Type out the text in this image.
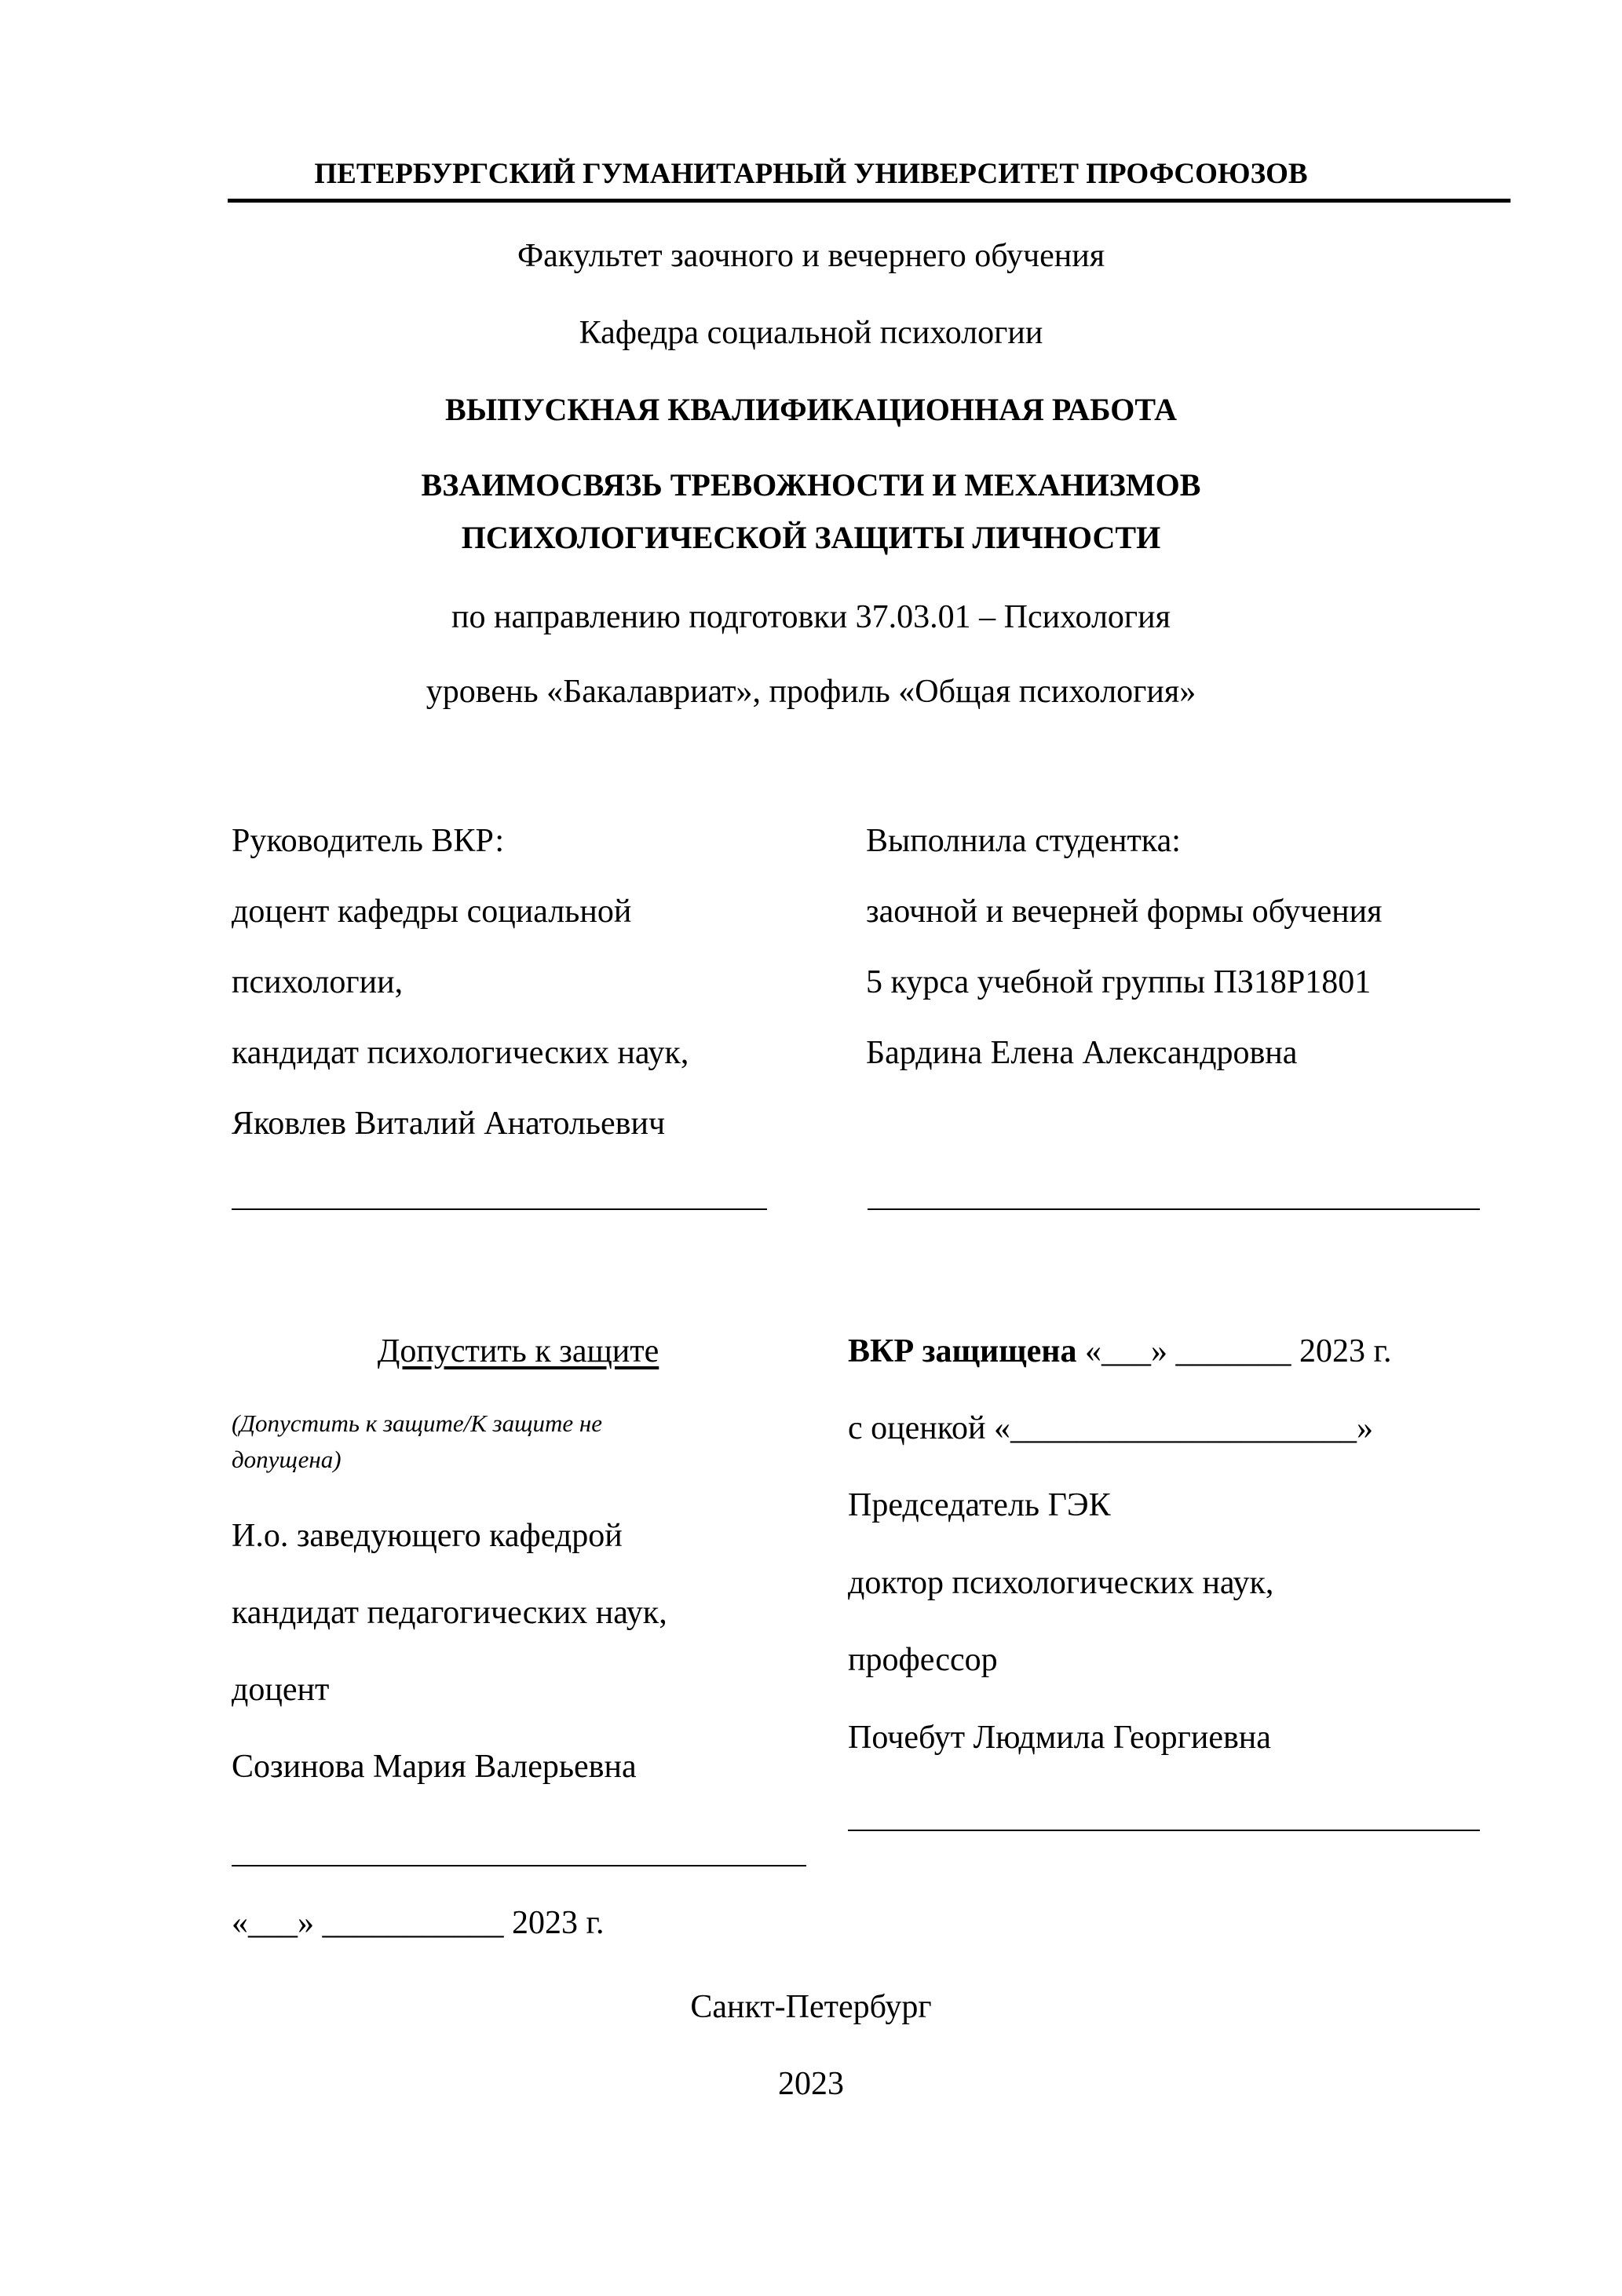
ПЕТЕРБУРГСКИЙ ГУМАНИТАРНЫЙ УНИВЕРСИТЕТ ПРОФСОЮЗОВ
Факультет заочного и вечернего обучения
Кафедра социальной психологии
ВЫПУСКНАЯ КВАЛИФИКАЦИОННАЯ РАБОТА
ВЗАИМОСВЯЗЬ ТРЕВОЖНОСТИ И МЕХАНИЗМОВ
ПСИХОЛОГИЧЕСКОЙ ЗАЩИТЫ ЛИЧНОСТИ
по направлению подготовки 37.03.01 – Психология
уровень «Бакалавриат», профиль «Общая психология»
Руководитель ВКР:
доцент кафедры социальной
психологии,
кандидат психологических наук,
Яковлев Виталий Анатольевич
Выполнила студентка:
заочной и вечерней формы обучения
5 курса учебной группы ПЗ18Р1801
Бардина Елена Александровна
Допустить к защите
(Допустить к защите/К защите не
допущена)
И.о. заведующего кафедрой
кандидат педагогических наук,
доцент
Созинова Мария Валерьевна
«___» ___________ 2023 г.
ВКР защищена «___» _______ 2023 г.
с оценкой «_____________________»
Председатель ГЭК
доктор психологических наук,
профессор
Почебут Людмила Георгиевна
Санкт-Петербург
2023
